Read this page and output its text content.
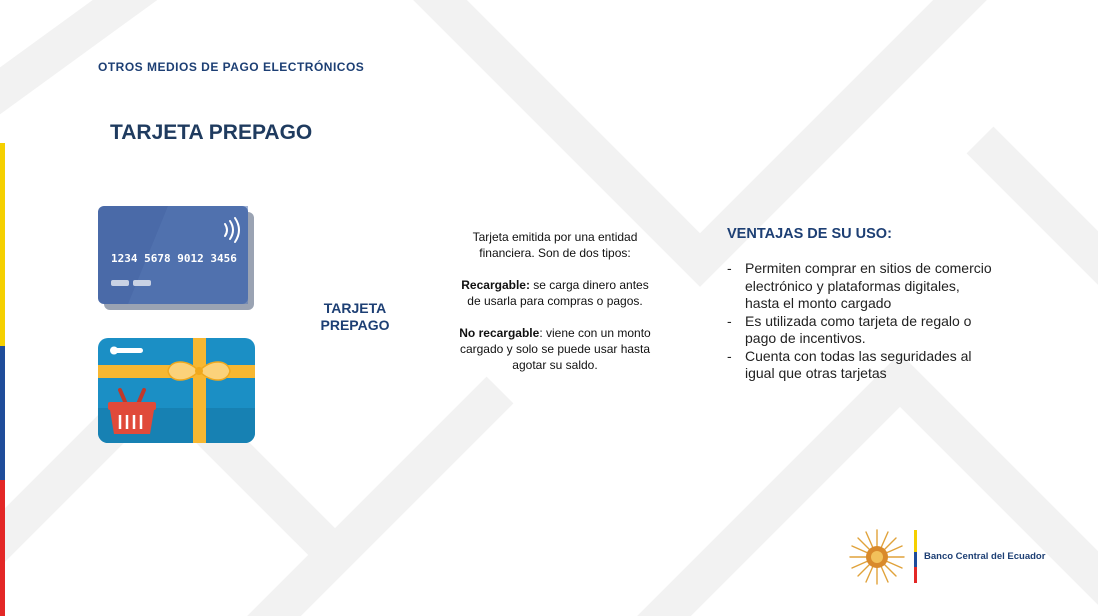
OTROS MEDIOS DE PAGO ELECTRÓNICOS
TARJETA PREPAGO
1234 5678 9012 3456
TARJETA
PREPAGO

Tarjeta emitida por una entidad financiera. Son de dos tipos:

Recargable: se carga dinero antes de usarla para compras o pagos.

No recargable: viene con un monto cargado y solo se puede usar hasta agotar su saldo.

VENTAJAS DE SU USO:
- Permiten comprar en sitios de comercio electrónico y plataformas digitales, hasta el monto cargado
- Es utilizada como tarjeta de regalo o pago de incentivos.
- Cuenta con todas las seguridades al igual que otras tarjetas
Banco Central del Ecuador
